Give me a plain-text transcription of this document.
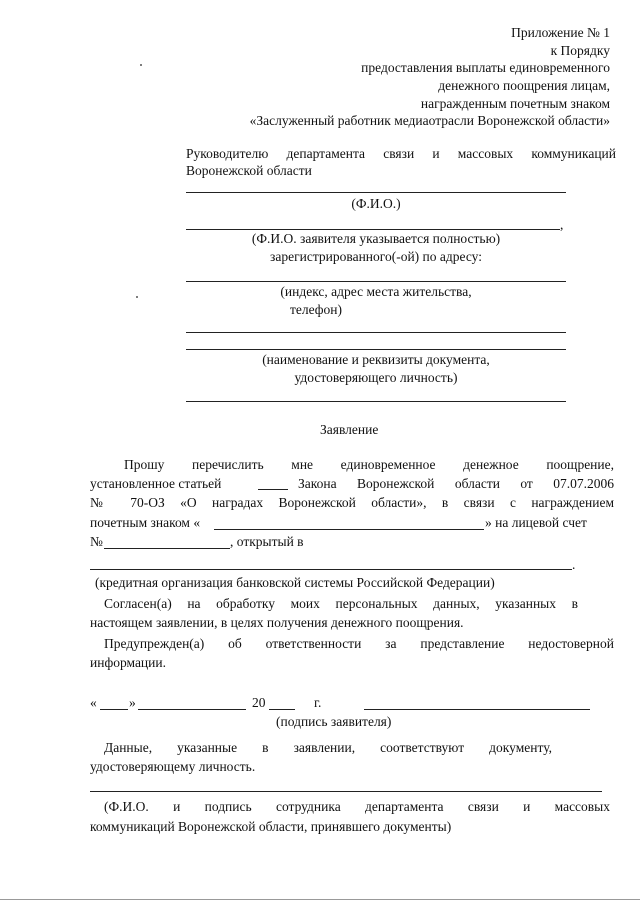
Приложение № 1
к Порядку
предоставления выплаты единовременного
денежного поощрения лицам,
награжденным почетным знаком
«Заслуженный работник медиаотрасли Воронежской области»
Руководителю департамента связи и массовых коммуникаций
Воронежской области
(Ф.И.О.)
,
(Ф.И.О. заявителя указывается полностью)
зарегистрированного(-ой) по адресу:
(индекс, адрес места жительства,
телефон)
(наименование и реквизиты документа,
удостоверяющего личность)
Заявление
Прошу перечислить мне единовременное денежное поощрение,
установленное статьей	Закона Воронежской области от 07.07.2006
№ 70-ОЗ «О наградах Воронежской области», в связи с награждением
почетным знаком «	» на лицевой счет
№	, открытый в
.
(кредитная организация банковской системы Российской Федерации)
Согласен(а) на обработку моих персональных данных, указанных в
настоящем заявлении, в целях получения денежного поощрения.
Предупрежден(а) об ответственности за представление недостоверной
информации.
« »	20	г.
(подпись заявителя)
Данные, указанные в заявлении, соответствуют документу,
удостоверяющему личность.
(Ф.И.О. и подпись сотрудника департамента связи и массовых
коммуникаций Воронежской области, принявшего документы)
